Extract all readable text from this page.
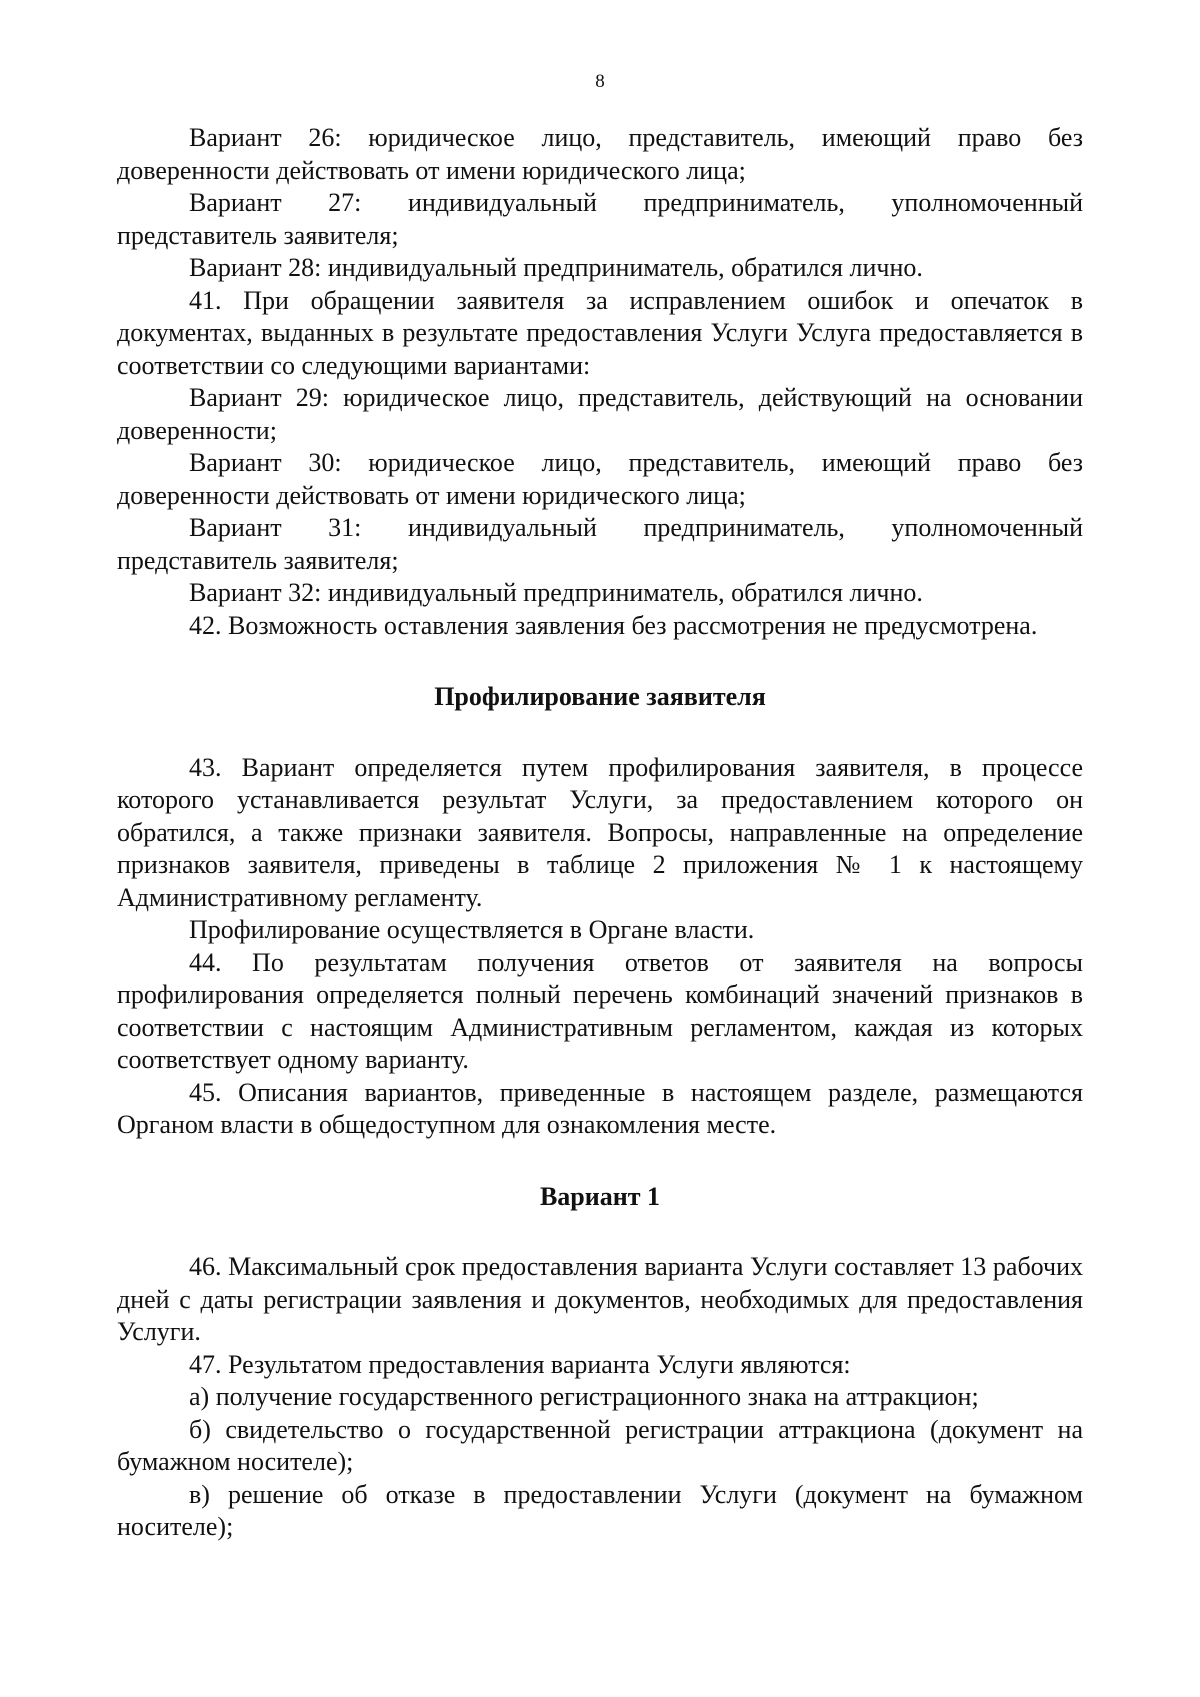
8

Вариант 26: юридическое лицо, представитель, имеющий право без доверенности действовать от имени юридического лица;

Вариант 27: индивидуальный предприниматель, уполномоченный представитель заявителя;

Вариант 28: индивидуальный предприниматель, обратился лично.

41. При обращении заявителя за исправлением ошибок и опечаток в документах, выданных в результате предоставления Услуги Услуга предоставляется в соответствии со следующими вариантами:

Вариант 29: юридическое лицо, представитель, действующий на основании доверенности;

Вариант 30: юридическое лицо, представитель, имеющий право без доверенности действовать от имени юридического лица;

Вариант 31: индивидуальный предприниматель, уполномоченный представитель заявителя;

Вариант 32: индивидуальный предприниматель, обратился лично.

42. Возможность оставления заявления без рассмотрения не предусмотрена.

Профилирование заявителя

43. Вариант определяется путем профилирования заявителя, в процессе которого устанавливается результат Услуги, за предоставлением которого он обратился, а также признаки заявителя. Вопросы, направленные на определение признаков заявителя, приведены в таблице 2 приложения № 1 к настоящему Административному регламенту.

Профилирование осуществляется в Органе власти.

44. По результатам получения ответов от заявителя на вопросы профилирования определяется полный перечень комбинаций значений признаков в соответствии с настоящим Административным регламентом, каждая из которых соответствует одному варианту.

45. Описания вариантов, приведенные в настоящем разделе, размещаются Органом власти в общедоступном для ознакомления месте.

Вариант 1

46. Максимальный срок предоставления варианта Услуги составляет 13 рабочих дней с даты регистрации заявления и документов, необходимых для предоставления Услуги.

47. Результатом предоставления варианта Услуги являются:

а) получение государственного регистрационного знака на аттракцион;

б) свидетельство о государственной регистрации аттракциона (документ на бумажном носителе);

в) решение об отказе в предоставлении Услуги (документ на бумажном носителе);
